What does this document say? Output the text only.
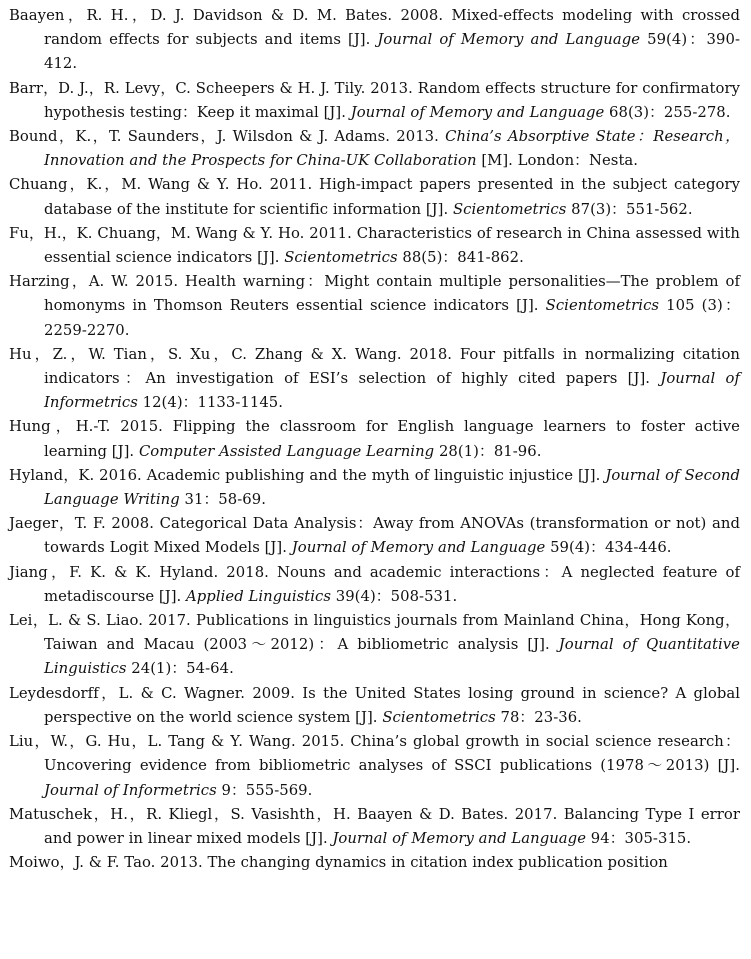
Baayen，R. H.，D. J. Davidson & D. M. Bates. 2008. Mixed-effects modeling with crossed random effects for subjects and items [J]. Journal of Memory and Language 59(4)：390-412.

Barr，D. J.，R. Levy，C. Scheepers & H. J. Tily. 2013. Random effects structure for confirmatory hypothesis testing：Keep it maximal [J]. Journal of Memory and Language 68(3)：255-278.

Bound，K.，T. Saunders，J. Wilsdon & J. Adams. 2013. China’s Absorptive State：Research，Innovation and the Prospects for China-UK Collaboration [M]. London：Nesta.

Chuang，K.，M. Wang & Y. Ho. 2011. High-impact papers presented in the subject category database of the institute for scientific information [J]. Scientometrics 87(3)：551-562.

Fu，H.，K. Chuang，M. Wang & Y. Ho. 2011. Characteristics of research in China assessed with essential science indicators [J]. Scientometrics 88(5)：841-862.

Harzing，A. W. 2015. Health warning：Might contain multiple personalities—The problem of homonyms in Thomson Reuters essential science indicators [J]. Scientometrics 105 (3)：2259-2270.

Hu，Z.，W. Tian，S. Xu，C. Zhang & X. Wang. 2018. Four pitfalls in normalizing citation indicators：An investigation of ESI’s selection of highly cited papers [J]. Journal of Informetrics 12(4)：1133-1145.

Hung，H.-T. 2015. Flipping the classroom for English language learners to foster active learning [J]. Computer Assisted Language Learning 28(1)：81-96.

Hyland，K. 2016. Academic publishing and the myth of linguistic injustice [J]. Journal of Second Language Writing 31：58-69.

Jaeger，T. F. 2008. Categorical Data Analysis：Away from ANOVAs (transformation or not) and towards Logit Mixed Models [J]. Journal of Memory and Language 59(4)：434-446.

Jiang，F. K. & K. Hyland. 2018. Nouns and academic interactions：A neglected feature of metadiscourse [J]. Applied Linguistics 39(4)：508-531.

Lei，L. & S. Liao. 2017. Publications in linguistics journals from Mainland China，Hong Kong，Taiwan and Macau (2003～2012)：A bibliometric analysis [J]. Journal of Quantitative Linguistics 24(1)：54-64.

Leydesdorff，L. & C. Wagner. 2009. Is the United States losing ground in science? A global perspective on the world science system [J]. Scientometrics 78：23-36.

Liu，W.，G. Hu，L. Tang & Y. Wang. 2015. China’s global growth in social science research：Uncovering evidence from bibliometric analyses of SSCI publications (1978～2013) [J]. Journal of Informetrics 9：555-569.

Matuschek，H.，R. Kliegl，S. Vasishth，H. Baayen & D. Bates. 2017. Balancing Type I error and power in linear mixed models [J]. Journal of Memory and Language 94：305-315.

Moiwo，J. & F. Tao. 2013. The changing dynamics in citation index publication position
